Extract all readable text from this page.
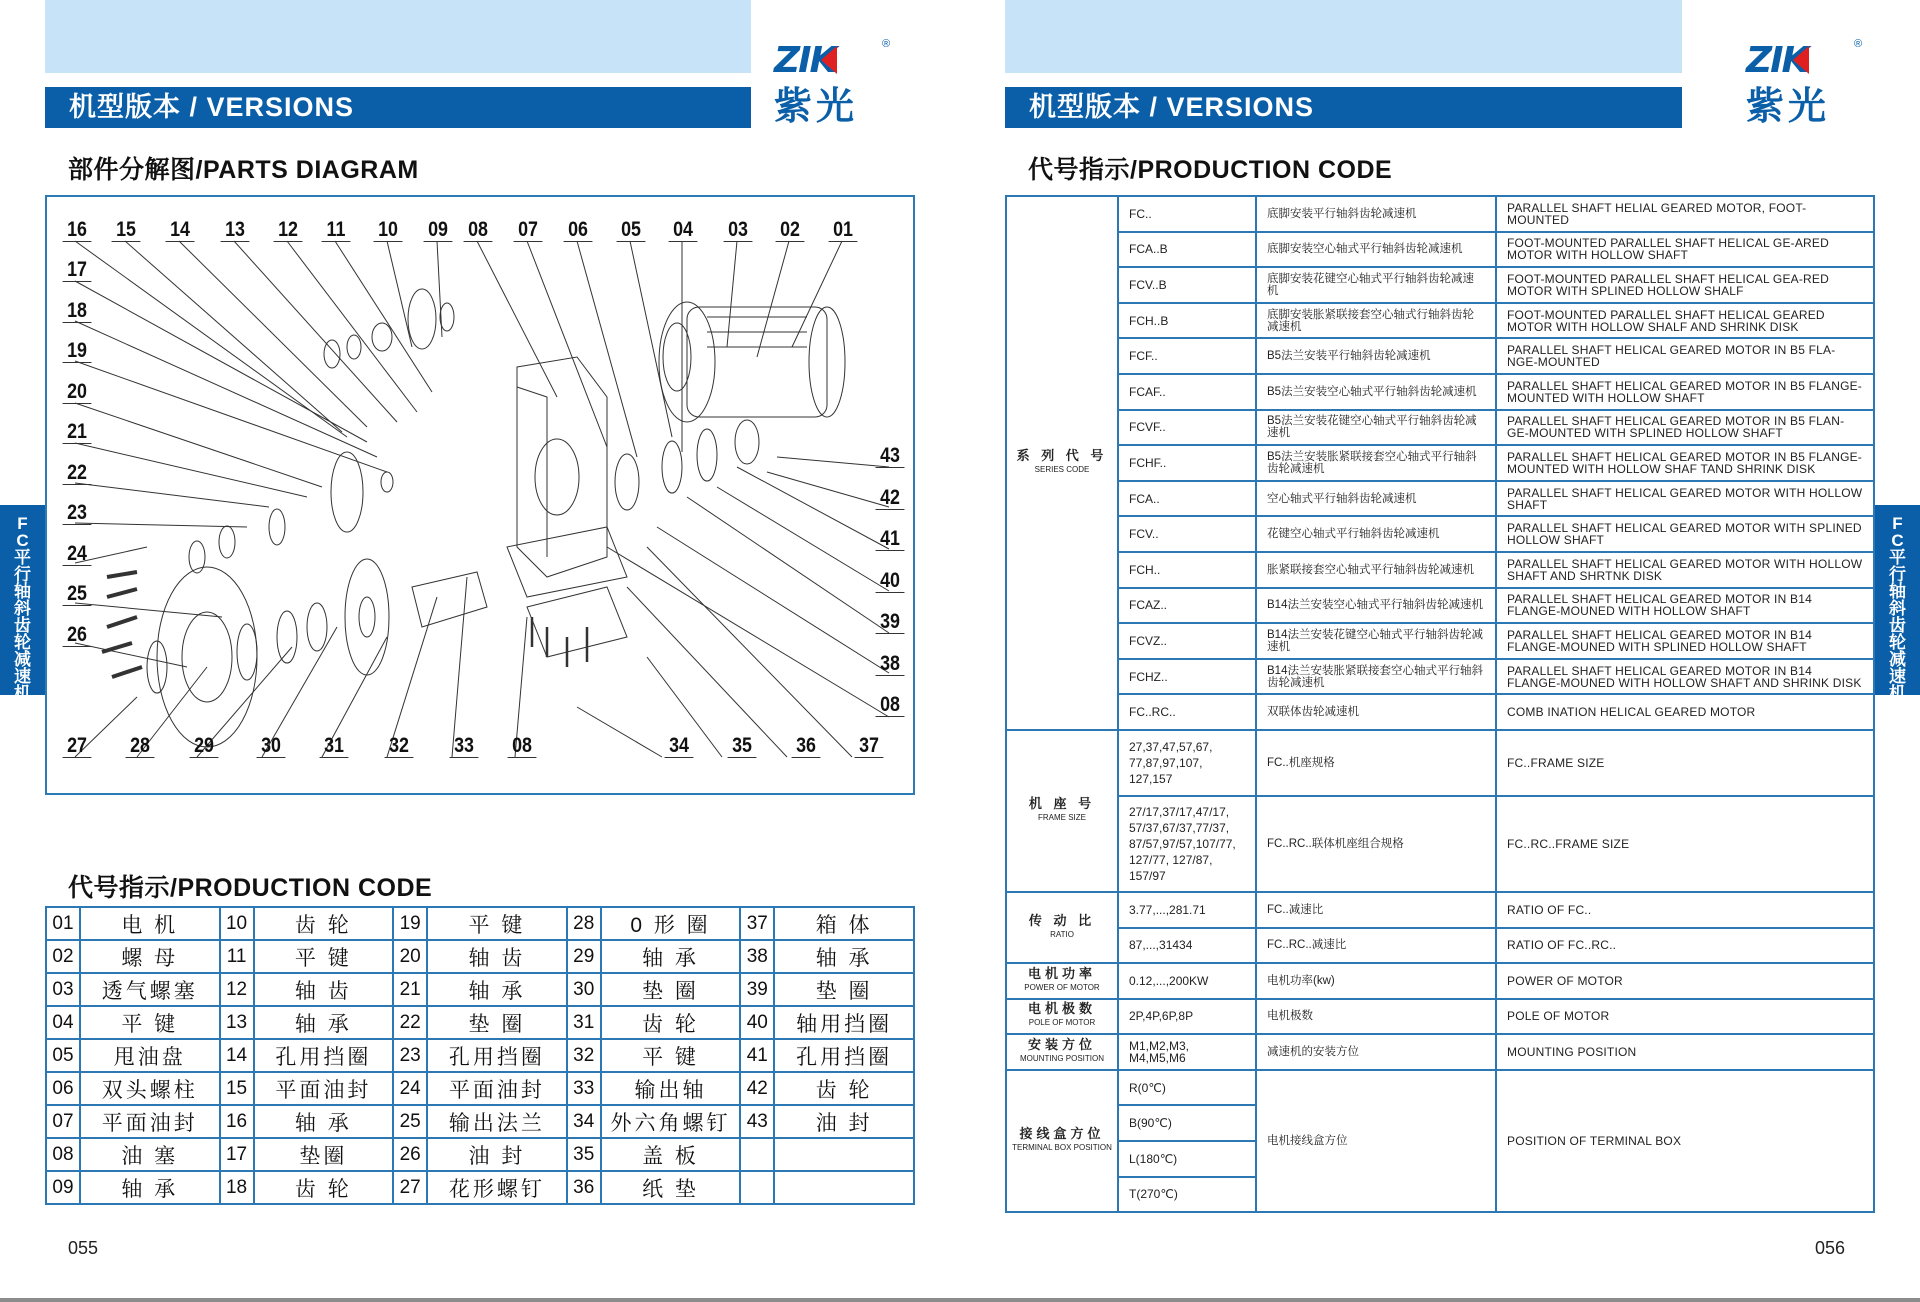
机型版本 / VERSIONS
ZIK	®
紫光
部件分解图/PARTS DIAGRAM
F
C
平
行
轴
斜
齿
轮
减
速
机
16 15 14 13 12 11 10 09 08 07 06 05 04 03 02 01
17
18
19
20
21
22
23
24
25
26
43
42
41
40
39
38
08
27 28 29 30 31 32 33 08	34 35 36 37
代号指示/PRODUCTION CODE
01	电 机	10	齿 轮	19	平 键	28	0 形 圈	37	箱 体
02	螺 母	11	平 键	20	轴 齿	29	轴 承	38	轴 承
03	透气螺塞	12	轴 齿	21	轴 承	30	垫 圈	39	垫 圈
04	平 键	13	轴 承	22	垫 圈	31	齿 轮	40	轴用挡圈
05	甩油盘	14	孔用挡圈	23	孔用挡圈	32	平 键	41	孔用挡圈
06	双头螺柱	15	平面油封	24	平面油封	33	输出轴	42	齿 轮
07	平面油封	16	轴 承	25	输出法兰	34	外六角螺钉	43	油 封
08	油 塞	17	垫圈	26	油 封	35	盖 板		
09	轴 承	18	齿 轮	27	花形螺钉	36	纸 垫		
055
机型版本 / VERSIONS
ZIK	®
紫光
代号指示/PRODUCTION CODE
F
C
平
行
轴
斜
齿
轮
减
速
机
系 列 代 号
SERIES CODE	FC..	底脚安装平行轴斜齿轮减速机	PARALLEL SHAFT HELIAL GEARED MOTOR, FOOT-MOUNTED
	FCA..B	底脚安装空心轴式平行轴斜齿轮减速机	FOOT-MOUNTED PARALLEL SHAFT HELICAL GE-ARED MOTOR WITH HOLLOW SHAFT
	FCV..B	底脚安装花键空心轴式平行轴斜齿轮减速机	FOOT-MOUNTED PARALLEL SHAFT HELICAL GEA-RED MOTOR WITH SPLINED HOLLOW SHALF
	FCH..B	底脚安装胀紧联接套空心轴式行轴斜齿轮减速机	FOOT-MOUNTED PARALLEL SHAFT HELICAL GEARED MOTOR WITH HOLLOW SHALF AND SHRINK DISK
	FCF..	B5法兰安装平行轴斜齿轮减速机	PARALLEL SHAFT HELICAL GEARED MOTOR IN B5 FLA-NGE-MOUNTED
	FCAF..	B5法兰安装空心轴式平行轴斜齿轮减速机	PARALLEL SHAFT HELICAL GEARED MOTOR IN B5 FLANGE-MOUNTED WITH HOLLOW SHAFT
	FCVF..	B5法兰安装花键空心轴式平行轴斜齿轮减速机	PARALLEL SHAFT HELICAL GEARED MOTOR IN B5 FLAN-GE-MOUNTED WITH SPLINED HOLLOW SHAFT
	FCHF..	B5法兰安装胀紧联接套空心轴式平行轴斜齿轮减速机	PARALLEL SHAFT HELICAL GEARED MOTOR IN B5 FLANGE-MOUNTED WITH HOLLOW SHAF TAND SHRINK DISK
	FCA..	空心轴式平行轴斜齿轮减速机	PARALLEL SHAFT HELICAL GEARED MOTOR WITH HOLLOW SHAFT
	FCV..	花键空心轴式平行轴斜齿轮减速机	PARALLEL SHAFT HELICAL GEARED MOTOR WITH SPLINED HOLLOW SHAFT
	FCH..	胀紧联接套空心轴式平行轴斜齿轮减速机	PARALLEL SHAFT HELICAL GEARED MOTOR WITH HOLLOW SHAFT AND SHRTNK DISK
	FCAZ..	B14法兰安装空心轴式平行轴斜齿轮减速机	PARALLEL SHAFT HELICAL GEARED MOTOR IN B14 FLANGE-MOUNED WITH HOLLOW SHAFT
	FCVZ..	B14法兰安装花键空心轴式平行轴斜齿轮减速机	PARALLEL SHAFT HELICAL GEARED MOTOR IN B14 FLANGE-MOUNED WITH SPLINED HOLLOW SHAFT
	FCHZ..	B14法兰安装胀紧联接套空心轴式平行轴斜齿轮减速机	PARALLEL SHAFT HELICAL GEARED MOTOR IN B14 FLANGE-MOUNED WITH HOLLOW SHAFT AND SHRINK DISK
	FC..RC..	双联体齿轮减速机	COMB INATION HELICAL GEARED MOTOR

机 座 号
FRAME SIZE	27,37,47,57,67, 77,87,97,107, 127,157	FC..机座规格	FC..FRAME SIZE
	27/17,37/17,47/17, 57/37,67/37,77/37, 87/57,97/57,107/77, 127/77, 127/87, 157/97	FC..RC..联体机座组合规格	FC..RC..FRAME SIZE

传 动 比
RATIO	3.77,...,281.71	FC..减速比	RATIO OF FC..
	87,...,31434	FC..RC..减速比	RATIO OF FC..RC..

电机功率
POWER OF MOTOR	0.12,...,200KW	电机功率(kw)	POWER OF MOTOR

电机极数
POLE OF MOTOR	2P,4P,6P,8P	电机极数	POLE OF MOTOR

安装方位
MOUNTING POSITION	M1,M2,M3, M4,M5,M6	减速机的安装方位	MOUNTING POSITION

接线盒方位
TERMINAL BOX POSITION	R(0℃)	电机接线盒方位	POSITION OF TERMINAL BOX
	B(90℃)		
	L(180℃)		
	T(270℃)		
056
